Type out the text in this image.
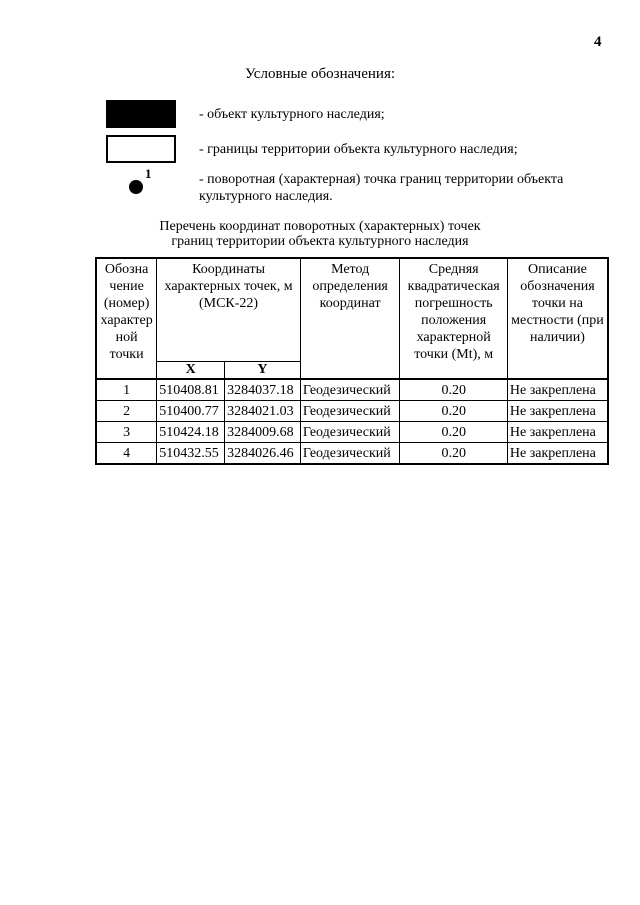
4
Условные обозначения:
- объект культурного наследия;
- границы территории объекта культурного наследия;
1	- поворотная (характерная) точка границ территории объекта культурного наследия.
Перечень координат поворотных (характерных) точек
границ территории объекта культурного наследия
Обозна чение (номер) характер ной точки	Координаты характерных точек, м (МСК-22)		Метод определения координат	Средняя квадратическая погрешность положения характерной точки (Mt), м	Описание обозначения точки на местности (при наличии)
	X	Y			
1	510408.81	3284037.18	Геодезический	0.20	Не закреплена
2	510400.77	3284021.03	Геодезический	0.20	Не закреплена
3	510424.18	3284009.68	Геодезический	0.20	Не закреплена
4	510432.55	3284026.46	Геодезический	0.20	Не закреплена
